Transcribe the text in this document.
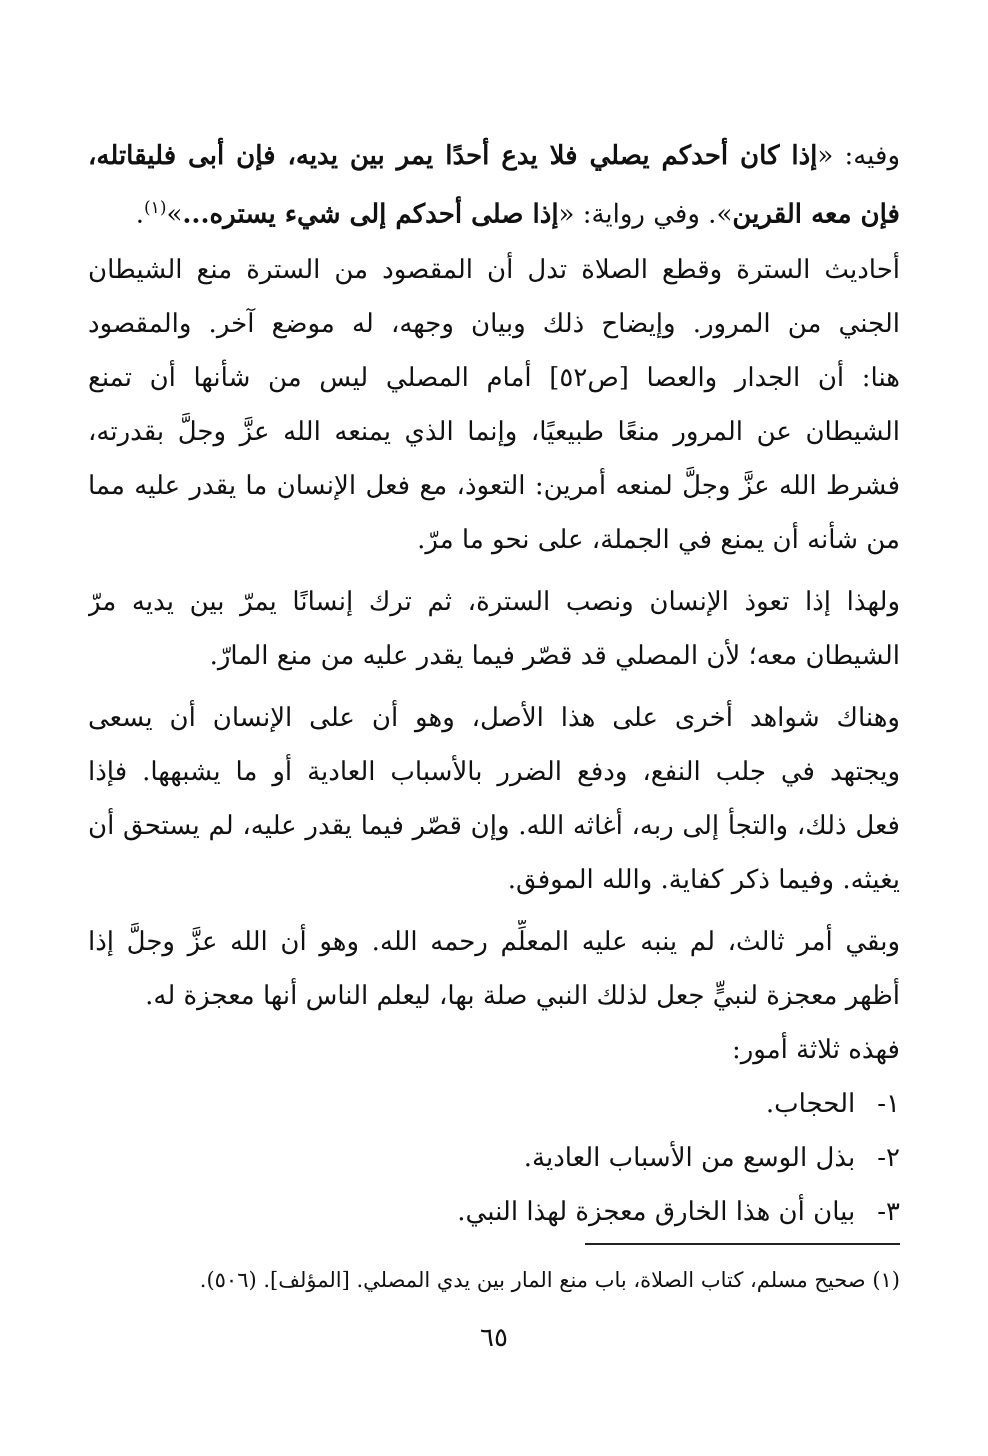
وفيه: «إذا كان أحدكم يصلي فلا يدع أحدًا يمر بين يديه، فإن أبى فليقاتله،
فإن معه القرين». وفي رواية: «إذا صلى أحدكم إلى شيء يستره...»$^{(١)}$.
أحاديث السترة وقطع الصلاة تدل أن المقصود من السترة منع الشيطان
الجني من المرور. وإيضاح ذلك وبيان وجهه، له موضع آخر. والمقصود
هنا: أن الجدار والعصا [ص٥٢] أمام المصلي ليس من شأنها أن تمنع
الشيطان عن المرور منعًا طبيعيًا، وإنما الذي يمنعه الله عزَّ وجلَّ بقدرته،
فشرط الله عزَّ وجلَّ لمنعه أمرين: التعوذ، مع فعل الإنسان ما يقدر عليه مما
من شأنه أن يمنع في الجملة، على نحو ما مرّ.
ولهذا إذا تعوذ الإنسان ونصب السترة، ثم ترك إنسانًا يمرّ بين يديه مرّ
الشيطان معه؛ لأن المصلي قد قصّر فيما يقدر عليه من منع المارّ.
وهناك شواهد أخرى على هذا الأصل، وهو أن على الإنسان أن يسعى
ويجتهد في جلب النفع، ودفع الضرر بالأسباب العادية أو ما يشبهها. فإذا
فعل ذلك، والتجأ إلى ربه، أغاثه الله. وإن قصّر فيما يقدر عليه، لم يستحق أن
يغيثه. وفيما ذكر كفاية. والله الموفق.
وبقي أمر ثالث، لم ينبه عليه المعلِّم رحمه الله. وهو أن الله عزَّ وجلَّ إذا
أظهر معجزة لنبيٍّ جعل لذلك النبي صلة بها، ليعلم الناس أنها معجزة له.
فهذه ثلاثة أمور:
١-الحجاب.
٢-بذل الوسع من الأسباب العادية.
٣-بيان أن هذا الخارق معجزة لهذا النبي.
(١) صحيح مسلم، كتاب الصلاة، باب منع المار بين يدي المصلي. [المؤلف]. (٥٠٦).
٦٥
